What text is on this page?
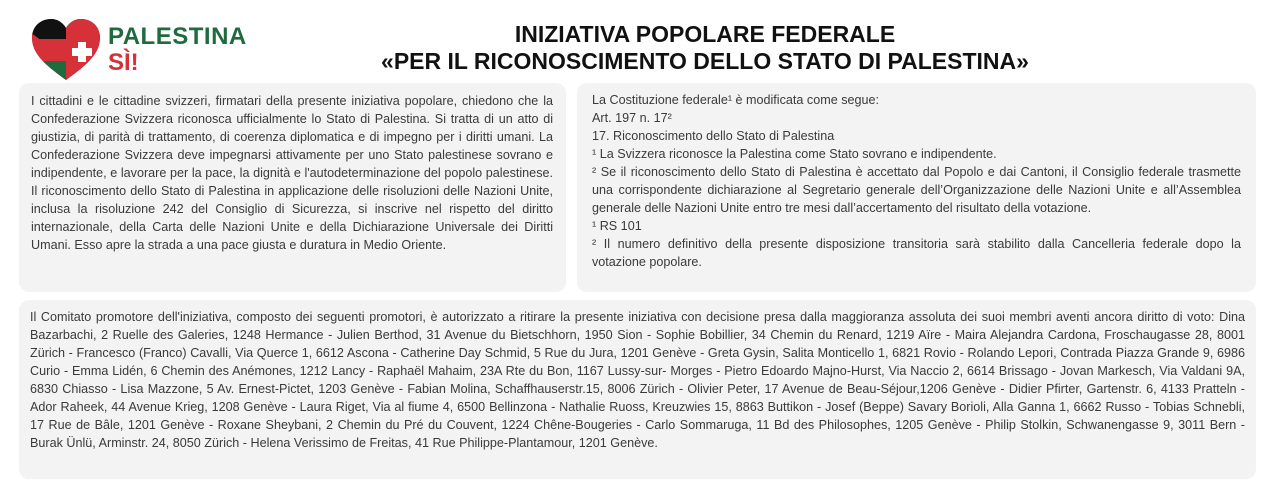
PALESTINA
SÌ!
INIZIATIVA POPOLARE FEDERALE
«PER IL RICONOSCIMENTO DELLO STATO DI PALESTINA»
I cittadini e le cittadine svizzeri, firmatari della presente iniziativa popolare, chiedono che la Confederazione Svizzera riconosca ufficialmente lo Stato di Palestina. Si tratta di un atto di giustizia, di parità di trattamento, di coerenza diplomatica e di impegno per i diritti umani. La Confederazione Svizzera deve impegnarsi attivamente per uno Stato palestinese sovrano e indipendente, e lavorare per la pace, la dignità e l'autodeterminazione del popolo palestinese. Il riconoscimento dello Stato di Palestina in applicazione delle risoluzioni delle Nazioni Unite, inclusa la risoluzione 242 del Consiglio di Sicurezza, si inscrive nel rispetto del diritto internazionale, della Carta delle Nazioni Unite e della Dichiarazione Universale dei Diritti Umani. Esso apre la strada a una pace giusta e duratura in Medio Oriente.
La Costituzione federale¹ è modificata come segue:
Art. 197 n. 17²
17. Riconoscimento dello Stato di Palestina
¹ La Svizzera riconosce la Palestina come Stato sovrano e indipendente.
² Se il riconoscimento dello Stato di Palestina è accettato dal Popolo e dai Cantoni, il Consiglio federale trasmette una corrispondente dichiarazione al Segretario generale dell’Organizzazione delle Nazioni Unite e all’Assemblea generale delle Nazioni Unite entro tre mesi dall’accertamento del risultato della votazione.
¹ RS 101
² Il numero definitivo della presente disposizione transitoria sarà stabilito dalla Cancelleria federale dopo la votazione popolare.
Il Comitato promotore dell'iniziativa, composto dei seguenti promotori, è autorizzato a ritirare la presente iniziativa con decisione presa dalla maggioranza assoluta dei suoi membri aventi ancora diritto di voto: Dina Bazarbachi, 2 Ruelle des Galeries, 1248 Hermance - Julien Berthod, 31 Avenue du Bietschhorn, 1950 Sion - Sophie Bobillier, 34 Chemin du Renard, 1219 Aïre - Maira Alejandra Cardona, Froschaugasse 28, 8001 Zürich - Francesco (Franco) Cavalli, Via Querce 1, 6612 Ascona - Catherine Day Schmid, 5 Rue du Jura, 1201 Genève - Greta Gysin, Salita Monticello 1, 6821 Rovio - Rolando Lepori, Contrada Piazza Grande 9, 6986 Curio - Emma Lidén, 6 Chemin des Anémones, 1212 Lancy - Raphaël Mahaim, 23A Rte du Bon, 1167 Lussy-sur- Morges - Pietro Edoardo Majno-Hurst, Via Naccio 2, 6614 Brissago - Jovan Markesch, Via Valdani 9A, 6830 Chiasso - Lisa Mazzone, 5 Av. Ernest-Pictet, 1203 Genève - Fabian Molina, Schaffhauserstr.15, 8006 Zürich - Olivier Peter, 17 Avenue de Beau-Séjour,1206 Genève - Didier Pfirter, Gartenstr. 6, 4133 Pratteln - Ador Raheek, 44 Avenue Krieg, 1208 Genève - Laura Riget, Via al fiume 4, 6500 Bellinzona - Nathalie Ruoss, Kreuzwies 15, 8863 Buttikon - Josef (Beppe) Savary Borioli, Alla Ganna 1, 6662 Russo - Tobias Schnebli, 17 Rue de Bâle, 1201 Genève - Roxane Sheybani, 2 Chemin du Pré du Couvent, 1224 Chêne-Bougeries - Carlo Sommaruga, 11 Bd des Philosophes, 1205 Genève - Philip Stolkin, Schwanengasse 9, 3011 Bern - Burak Ünlü, Arminstr. 24, 8050 Zürich - Helena Verissimo de Freitas, 41 Rue Philippe-Plantamour, 1201 Genève.
